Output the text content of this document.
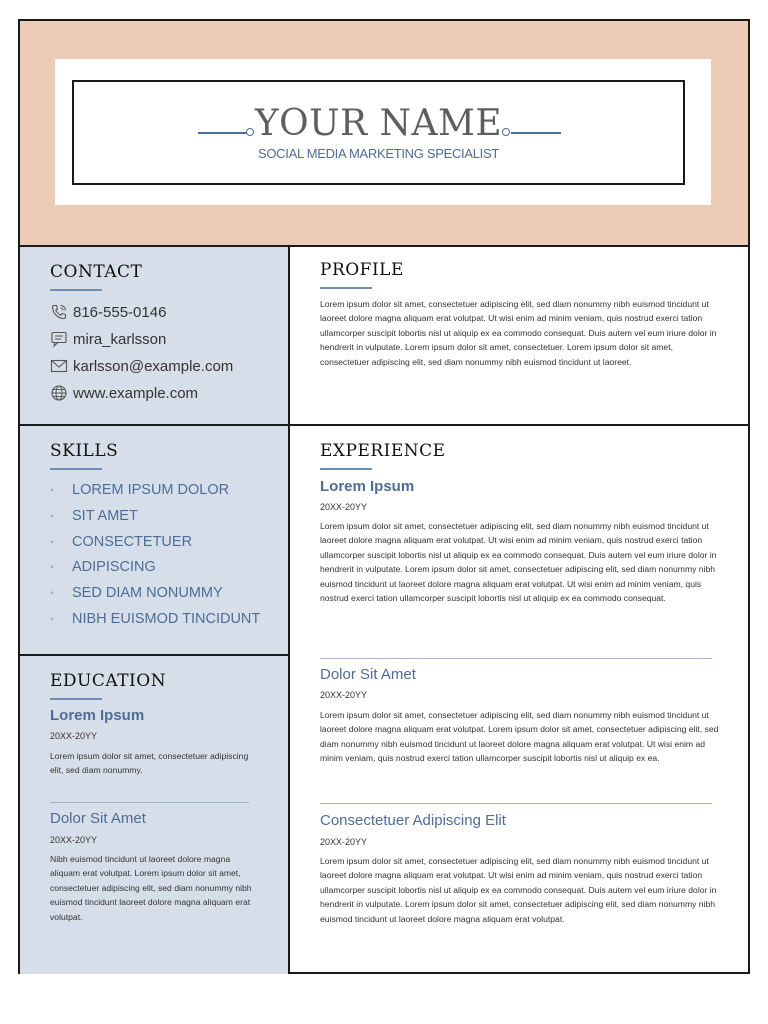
YOUR NAME
SOCIAL MEDIA MARKETING SPECIALIST
CONTACT
816-555-0146
mira_karlsson
karlsson@example.com
www.example.com
SKILLS
◦	LOREM IPSUM DOLOR
◦	SIT AMET
◦	CONSECTETUER
◦	ADIPISCING
◦	SED DIAM NONUMMY
◦	NIBH EUISMOD TINCIDUNT
EDUCATION
Lorem Ipsum
20XX-20YY
Lorem ipsum dolor sit amet, consectetuer adipiscing elit, sed diam nonummy.
Dolor Sit Amet
20XX-20YY
Nibh euismod tincidunt ut laoreet dolore magna aliquam erat volutpat. Lorem ipsum dolor sit amet, consectetuer adipiscing elit, sed diam nonummy nibh euismod tincidunt laoreet dolore magna aliquam erat volutpat.
PROFILE
Lorem ipsum dolor sit amet, consectetuer adipiscing elit, sed diam nonummy nibh euismod tincidunt ut laoreet dolore magna aliquam erat volutpat. Ut wisi enim ad minim veniam, quis nostrud exerci tation ullamcorper suscipit lobortis nisl ut aliquip ex ea commodo consequat. Duis autem vel eum iriure dolor in hendrerit in vulputate. Lorem ipsum dolor sit amet, consectetuer. Lorem ipsum dolor sit amet, consectetuer adipiscing elit, sed diam nonummy nibh euismod tincidunt ut laoreet.
EXPERIENCE
Lorem Ipsum
20XX-20YY
Lorem ipsum dolor sit amet, consectetuer adipiscing elit, sed diam nonummy nibh euismod tincidunt ut laoreet dolore magna aliquam erat volutpat. Ut wisi enim ad minim veniam, quis nostrud exerci tation ullamcorper suscipit lobortis nisl ut aliquip ex ea commodo consequat. Duis autem vel eum iriure dolor in hendrerit in vulputate. Lorem ipsum dolor sit amet, consectetuer adipiscing elit, sed diam nonummy nibh euismod tincidunt ut laoreet dolore magna aliquam erat volutpat. Ut wisi enim ad minim veniam, quis nostrud exerci tation ullamcorper suscipit lobortis nisl ut aliquip ex ea commodo consequat.
Dolor Sit Amet
20XX-20YY
Lorem ipsum dolor sit amet, consectetuer adipiscing elit, sed diam nonummy nibh euismod tincidunt ut laoreet dolore magna aliquam erat volutpat. Lorem ipsum dolor sit amet, consectetuer adipiscing elit, sed diam nonummy nibh euismod tincidunt ut laoreet dolore magna aliquam erat volutpat. Ut wisi enim ad minim veniam, quis nostrud exerci tation ullamcorper suscipit lobortis nisl ut aliquip ex ea.
Consectetuer Adipiscing Elit
20XX-20YY
Lorem ipsum dolor sit amet, consectetuer adipiscing elit, sed diam nonummy nibh euismod tincidunt ut laoreet dolore magna aliquam erat volutpat. Ut wisi enim ad minim veniam, quis nostrud exerci tation ullamcorper suscipit lobortis nisl ut aliquip ex ea commodo consequat. Duis autem vel eum iriure dolor in hendrerit in vulputate. Lorem ipsum dolor sit amet, consectetuer adipiscing elit, sed diam nonummy nibh euismod tincidunt ut laoreet dolore magna aliquam erat volutpat.
